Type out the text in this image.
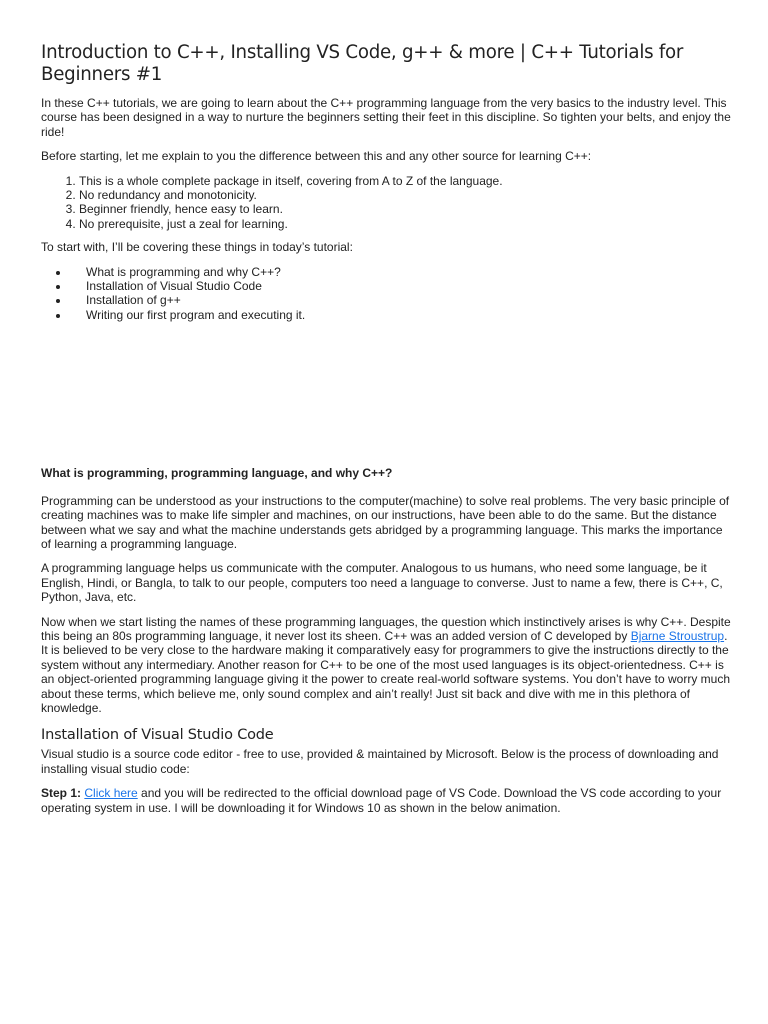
Introduction to C++, Installing VS Code, g++ & more | C++ Tutorials for Beginners #1

In these C++ tutorials, we are going to learn about the C++ programming language from the very basics to the industry level. This course has been designed in a way to nurture the beginners setting their feet in this discipline. So tighten your belts, and enjoy the ride!

Before starting, let me explain to you the difference between this and any other source for learning C++:

1. This is a whole complete package in itself, covering from A to Z of the language.
2. No redundancy and monotonicity.
3. Beginner friendly, hence easy to learn.
4. No prerequisite, just a zeal for learning.

To start with, I’ll be covering these things in today’s tutorial:

What is programming and why C++?
Installation of Visual Studio Code
Installation of g++
Writing our first program and executing it.

What is programming, programming language, and why C++?

Programming can be understood as your instructions to the computer(machine) to solve real problems. The very basic principle of creating machines was to make life simpler and machines, on our instructions, have been able to do the same. But the distance between what we say and what the machine understands gets abridged by a programming language. This marks the importance of learning a programming language.

A programming language helps us communicate with the computer. Analogous to us humans, who need some language, be it English, Hindi, or Bangla, to talk to our people, computers too need a language to converse. Just to name a few, there is C++, C, Python, Java, etc.

Now when we start listing the names of these programming languages, the question which instinctively arises is why C++. Despite this being an 80s programming language, it never lost its sheen. C++ was an added version of C developed by Bjarne Stroustrup. It is believed to be very close to the hardware making it comparatively easy for programmers to give the instructions directly to the system without any intermediary. Another reason for C++ to be one of the most used languages is its object-orientedness. C++ is an object-oriented programming language giving it the power to create real-world software systems. You don’t have to worry much about these terms, which believe me, only sound complex and ain’t really! Just sit back and dive with me in this plethora of knowledge.

Installation of Visual Studio Code

Visual studio is a source code editor - free to use, provided & maintained by Microsoft. Below is the process of downloading and installing visual studio code:

Step 1: Click here and you will be redirected to the official download page of VS Code. Download the VS code according to your operating system in use. I will be downloading it for Windows 10 as shown in the below animation.
